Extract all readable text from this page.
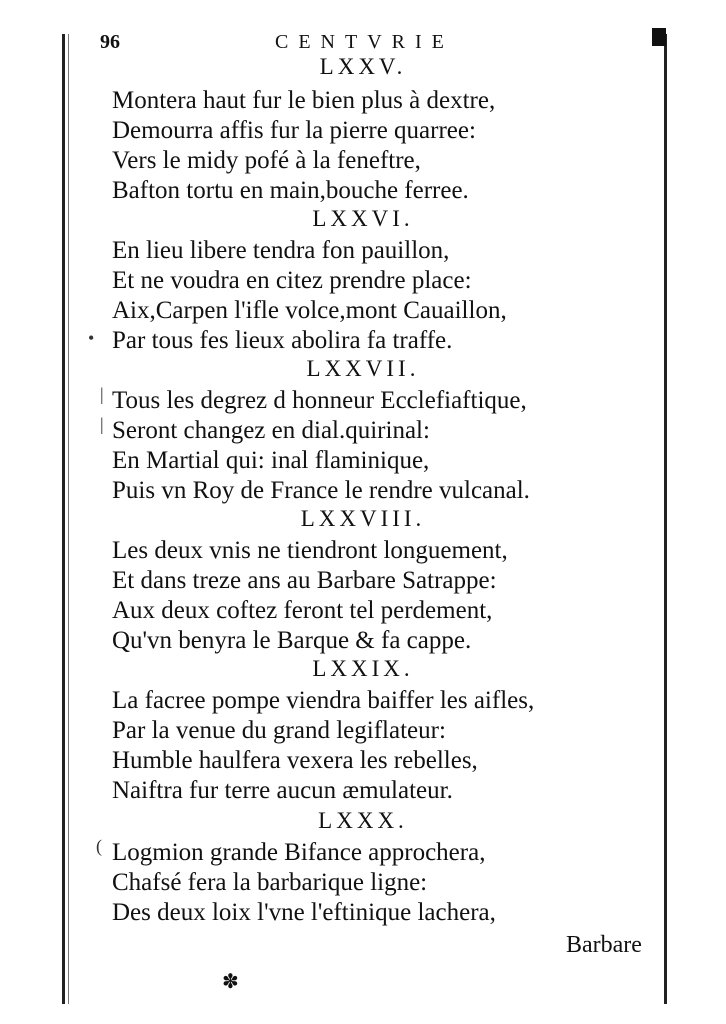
96	CENTVRIE
LXXV.
Montera haut fur le bien plus à dextre,
Demourra affis fur la pierre quarree:
Vers le midy pofé à la feneftre,
Bafton tortu en main,bouche ferree.
LXXVI.
En lieu libere tendra fon pauillon,
Et ne voudra en citez prendre place:
Aix,Carpen l'ifle volce,mont Cauaillon,
Par tous fes lieux abolira fa traffe.
LXXVII.
Tous les degrez d honneur Ecclefiaftique,
Seront changez en dial.quirinal:
En Martial qui: inal flaminique,
Puis vn Roy de France le rendre vulcanal.
LXXVIII.
Les deux vnis ne tiendront longuement,
Et dans treze ans au Barbare Satrappe:
Aux deux coftez feront tel perdement,
Qu'vn benyra le Barque & fa cappe.
LXXIX.
La facree pompe viendra baiffer les aifles,
Par la venue du grand legiflateur:
Humble haulfera vexera les rebelles,
Naiftra fur terre aucun æmulateur.
LXXX.
Logmion grande Bifance approchera,
Chafsé fera la barbarique ligne:
Des deux loix l'vne l'eftinique lachera,
Barbare
✽
•
(
|
|
